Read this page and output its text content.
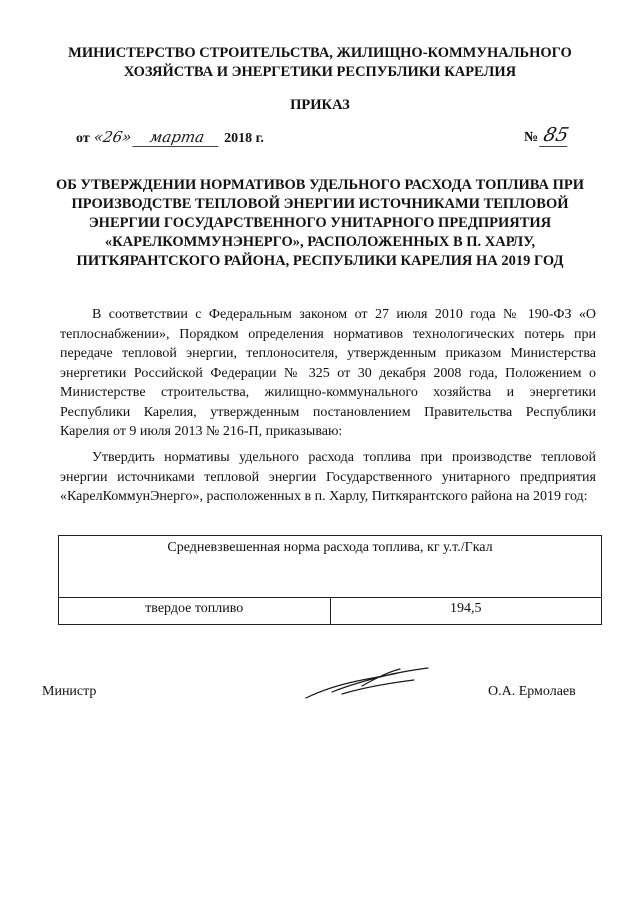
МИНИСТЕРСТВО СТРОИТЕЛЬСТВА, ЖИЛИЩНО-КОММУНАЛЬНОГО
ХОЗЯЙСТВА И ЭНЕРГЕТИКИ РЕСПУБЛИКИ КАРЕЛИЯ
ПРИКАЗ
от «26» марта 2018 г.	№ 85
ОБ УТВЕРЖДЕНИИ НОРМАТИВОВ УДЕЛЬНОГО РАСХОДА ТОПЛИВА ПРИ
ПРОИЗВОДСТВЕ ТЕПЛОВОЙ ЭНЕРГИИ ИСТОЧНИКАМИ ТЕПЛОВОЙ
ЭНЕРГИИ ГОСУДАРСТВЕННОГО УНИТАРНОГО ПРЕДПРИЯТИЯ
«КАРЕЛКОММУНЭНЕРГО», РАСПОЛОЖЕННЫХ В П. ХАРЛУ,
ПИТКЯРАНТСКОГО РАЙОНА, РЕСПУБЛИКИ КАРЕЛИЯ НА 2019 ГОД
В соответствии с Федеральным законом от 27 июля 2010 года № 190-ФЗ «О теплоснабжении», Порядком определения нормативов технологических потерь при передаче тепловой энергии, теплоносителя, утвержденным приказом Министерства энергетики Российской Федерации № 325 от 30 декабря 2008 года, Положением о Министерстве строительства, жилищно-коммунального хозяйства и энергетики Республики Карелия, утвержденным постановлением Правительства Республики Карелия от 9 июля 2013 № 216-П, приказываю:
Утвердить нормативы удельного расхода топлива при производстве тепловой энергии источниками тепловой энергии Государственного унитарного предприятия «КарелКоммунЭнерго», расположенных в п. Харлу, Питкярантского района на 2019 год:
Средневзвешенная норма расхода топлива, кг у.т./Гкал
твердое топливо	194,5
Министр	О.А. Ермолаев
